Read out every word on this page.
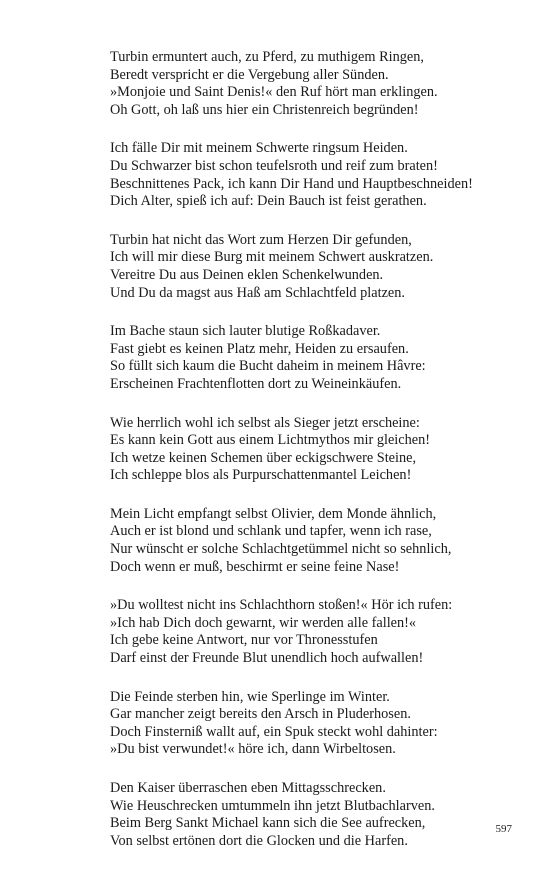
Turbin ermuntert auch, zu Pferd, zu muthigem Ringen,
Beredt verspricht er die Vergebung aller Sünden.
»Monjoie und Saint Denis!« den Ruf hört man erklingen.
Oh Gott, oh laß uns hier ein Christenreich begründen!
Ich fälle Dir mit meinem Schwerte ringsum Heiden.
Du Schwarzer bist schon teufelsroth und reif zum braten!
Beschnittenes Pack, ich kann Dir Hand und Hauptbeschneiden!
Dich Alter, spieß ich auf: Dein Bauch ist feist gerathen.
Turbin hat nicht das Wort zum Herzen Dir gefunden,
Ich will mir diese Burg mit meinem Schwert auskratzen.
Vereitre Du aus Deinen eklen Schenkelwunden.
Und Du da magst aus Haß am Schlachtfeld platzen.
Im Bache staun sich lauter blutige Roßkadaver.
Fast giebt es keinen Platz mehr, Heiden zu ersaufen.
So füllt sich kaum die Bucht daheim in meinem Hâvre:
Erscheinen Frachtenflotten dort zu Weineinkäufen.
Wie herrlich wohl ich selbst als Sieger jetzt erscheine:
Es kann kein Gott aus einem Lichtmythos mir gleichen!
Ich wetze keinen Schemen über eckigschwere Steine,
Ich schleppe blos als Purpurschattenmantel Leichen!
Mein Licht empfangt selbst Olivier, dem Monde ähnlich,
Auch er ist blond und schlank und tapfer, wenn ich rase,
Nur wünscht er solche Schlachtgetümmel nicht so sehnlich,
Doch wenn er muß, beschirmt er seine feine Nase!
»Du wolltest nicht ins Schlachthorn stoßen!« Hör ich rufen:
»Ich hab Dich doch gewarnt, wir werden alle fallen!«
Ich gebe keine Antwort, nur vor Thronesstufen
Darf einst der Freunde Blut unendlich hoch aufwallen!
Die Feinde sterben hin, wie Sperlinge im Winter.
Gar mancher zeigt bereits den Arsch in Pluderhosen.
Doch Finsterniß wallt auf, ein Spuk steckt wohl dahinter:
»Du bist verwundet!« höre ich, dann Wirbeltosen.
Den Kaiser überraschen eben Mittagsschrecken.
Wie Heuschrecken umtummeln ihn jetzt Blutbachlarven.
Beim Berg Sankt Michael kann sich die See aufrecken,
Von selbst ertönen dort die Glocken und die Harfen.
597
